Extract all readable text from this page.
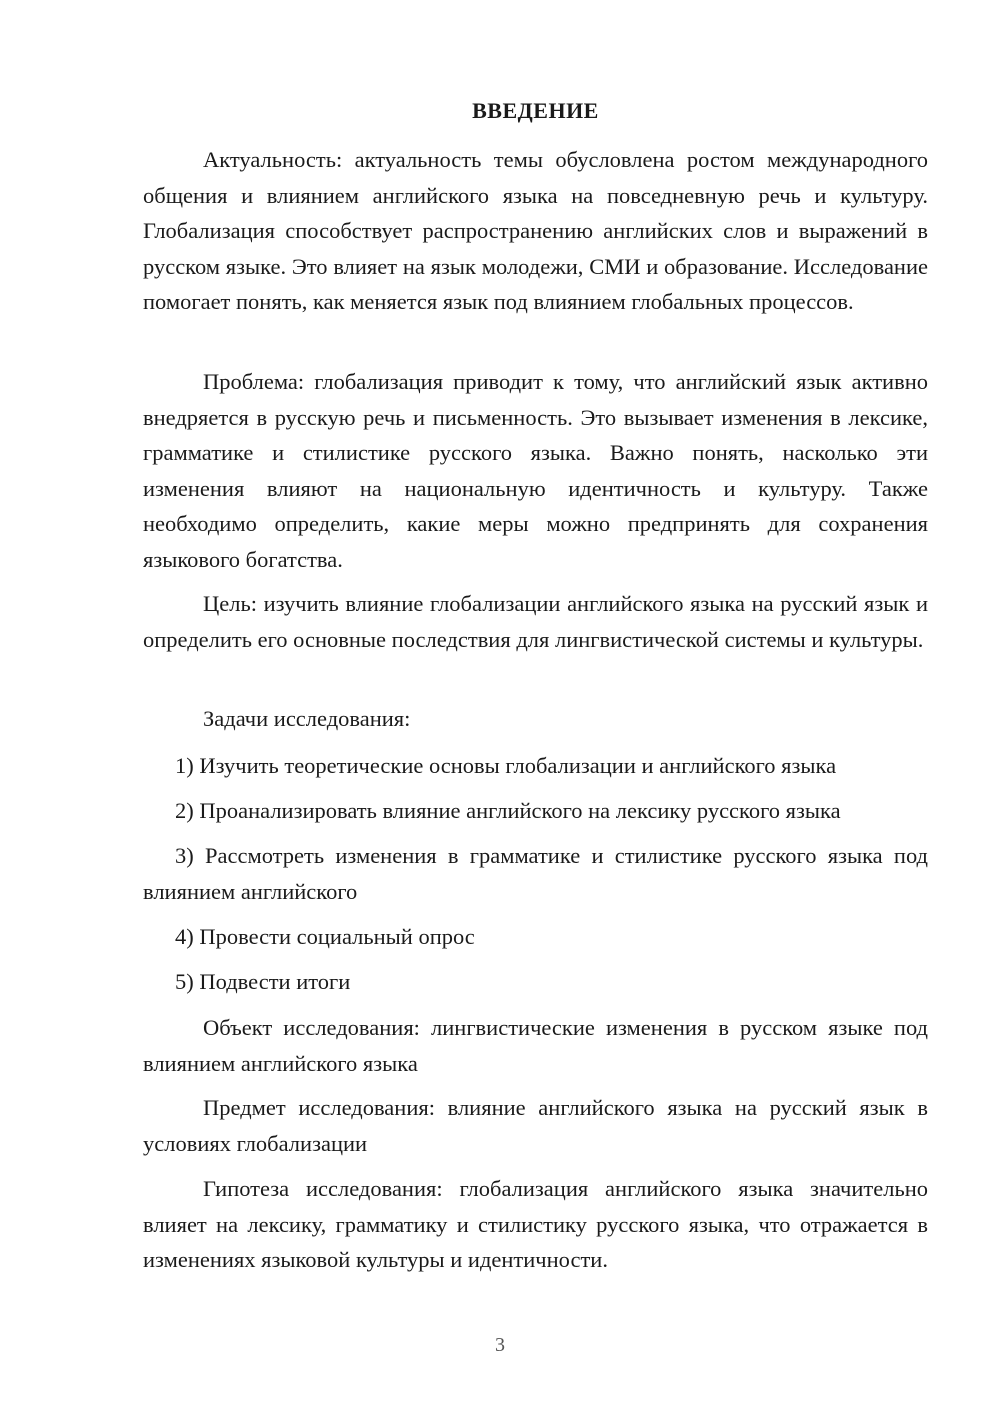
ВВЕДЕНИЕ

Актуальность: актуальность темы обусловлена ростом международного общения и влиянием английского языка на повседневную речь и культуру. Глобализация способствует распространению английских слов и выражений в русском языке. Это влияет на язык молодежи, СМИ и образование. Исследование помогает понять, как меняется язык под влиянием глобальных процессов.

Проблема: глобализация приводит к тому, что английский язык активно внедряется в русскую речь и письменность. Это вызывает изменения в лексике, грамматике и стилистике русского языка. Важно понять, насколько эти изменения влияют на национальную идентичность и культуру. Также необходимо определить, какие меры можно предпринять для сохранения языкового богатства.

Цель: изучить влияние глобализации английского языка на русский язык и определить его основные последствия для лингвистической системы и культуры.

Задачи исследования:

1) Изучить теоретические основы глобализации и английского языка

2) Проанализировать влияние английского на лексику русского языка

3) Рассмотреть изменения в грамматике и стилистике русского языка под влиянием английского

4) Провести социальный опрос

5) Подвести итоги

Объект исследования: лингвистические изменения в русском языке под влиянием английского языка

Предмет исследования: влияние английского языка на русский язык в условиях глобализации

Гипотеза исследования: глобализация английского языка значительно влияет на лексику, грамматику и стилистику русского языка, что отражается в изменениях языковой культуры и идентичности.

3
